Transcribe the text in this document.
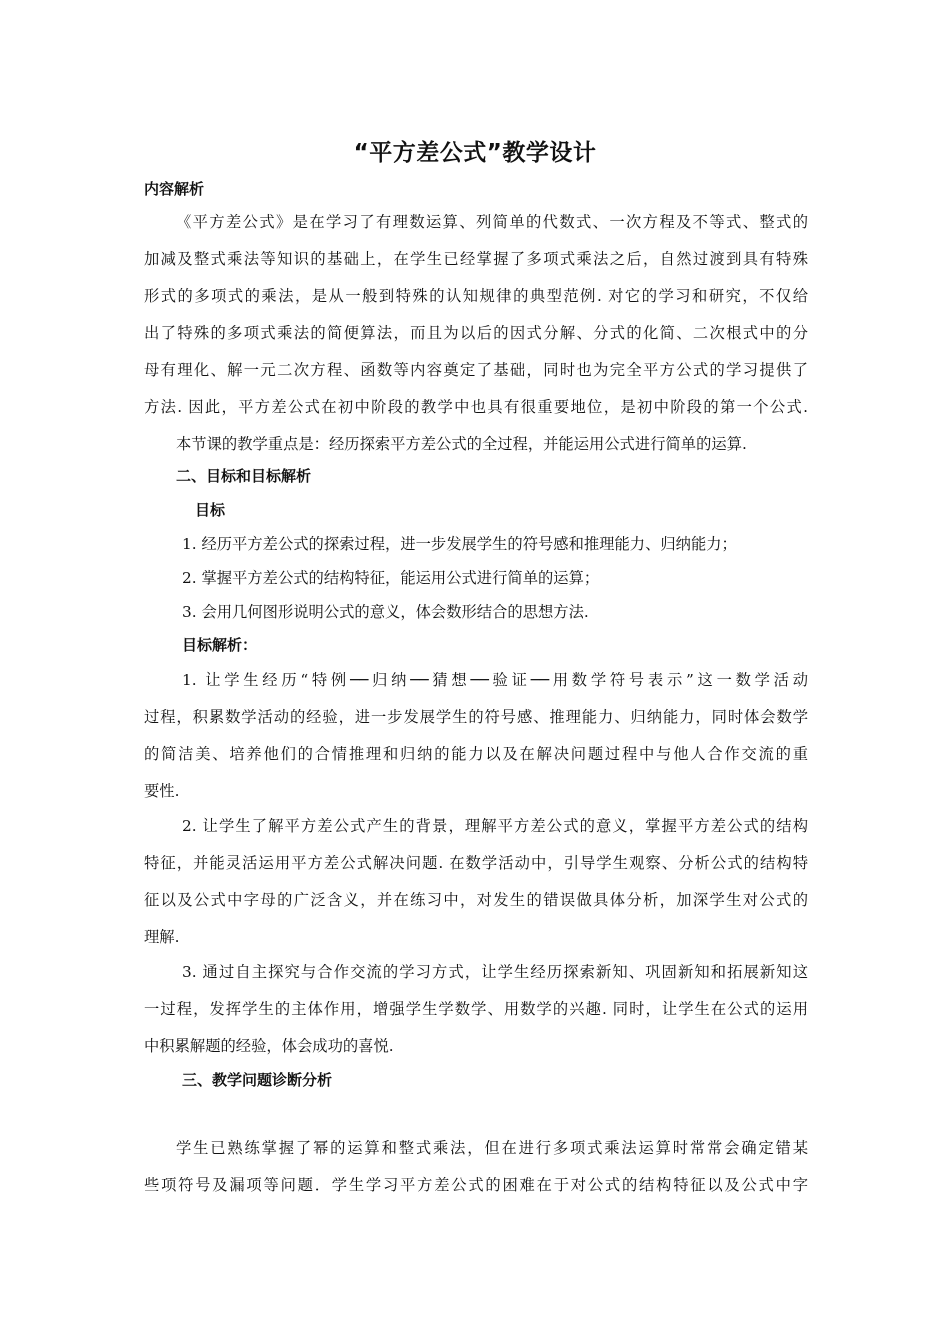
“平方差公式”教学设计
内容解析
《平方差公式》是在学习了有理数运算、列简单的代数式、一次方程及不等式、整式的
加减及整式乘法等知识的基础上，在学生已经掌握了多项式乘法之后，自然过渡到具有特殊
形式的多项式的乘法，是从一般到特殊的认知规律的典型范例. 对它的学习和研究，不仅给
出了特殊的多项式乘法的简便算法，而且为以后的因式分解、分式的化简、二次根式中的分
母有理化、解一元二次方程、函数等内容奠定了基础，同时也为完全平方公式的学习提供了
方法. 因此，平方差公式在初中阶段的教学中也具有很重要地位，是初中阶段的第一个公式.
本节课的教学重点是：经历探索平方差公式的全过程，并能运用公式进行简单的运算.
二、目标和目标解析
目标
1. 经历平方差公式的探索过程，进一步发展学生的符号感和推理能力、归纳能力；
2. 掌握平方差公式的结构特征，能运用公式进行简单的运算；
3. 会用几何图形说明公式的意义，体会数形结合的思想方法.
目标解析：
1. 让学生经历“特例──归纳──猜想──验证──用数学符号表示”这一数学活动
过程，积累数学活动的经验，进一步发展学生的符号感、推理能力、归纳能力，同时体会数学
的简洁美、培养他们的合情推理和归纳的能力以及在解决问题过程中与他人合作交流的重
要性.
2. 让学生了解平方差公式产生的背景，理解平方差公式的意义，掌握平方差公式的结构
特征，并能灵活运用平方差公式解决问题. 在数学活动中，引导学生观察、分析公式的结构特
征以及公式中字母的广泛含义，并在练习中，对发生的错误做具体分析，加深学生对公式的
理解.
3. 通过自主探究与合作交流的学习方式，让学生经历探索新知、巩固新知和拓展新知这
一过程，发挥学生的主体作用，增强学生学数学、用数学的兴趣. 同时，让学生在公式的运用
中积累解题的经验，体会成功的喜悦.
三、教学问题诊断分析
学生已熟练掌握了幂的运算和整式乘法，但在进行多项式乘法运算时常常会确定错某
些项符号及漏项等问题．学生学习平方差公式的困难在于对公式的结构特征以及公式中字
